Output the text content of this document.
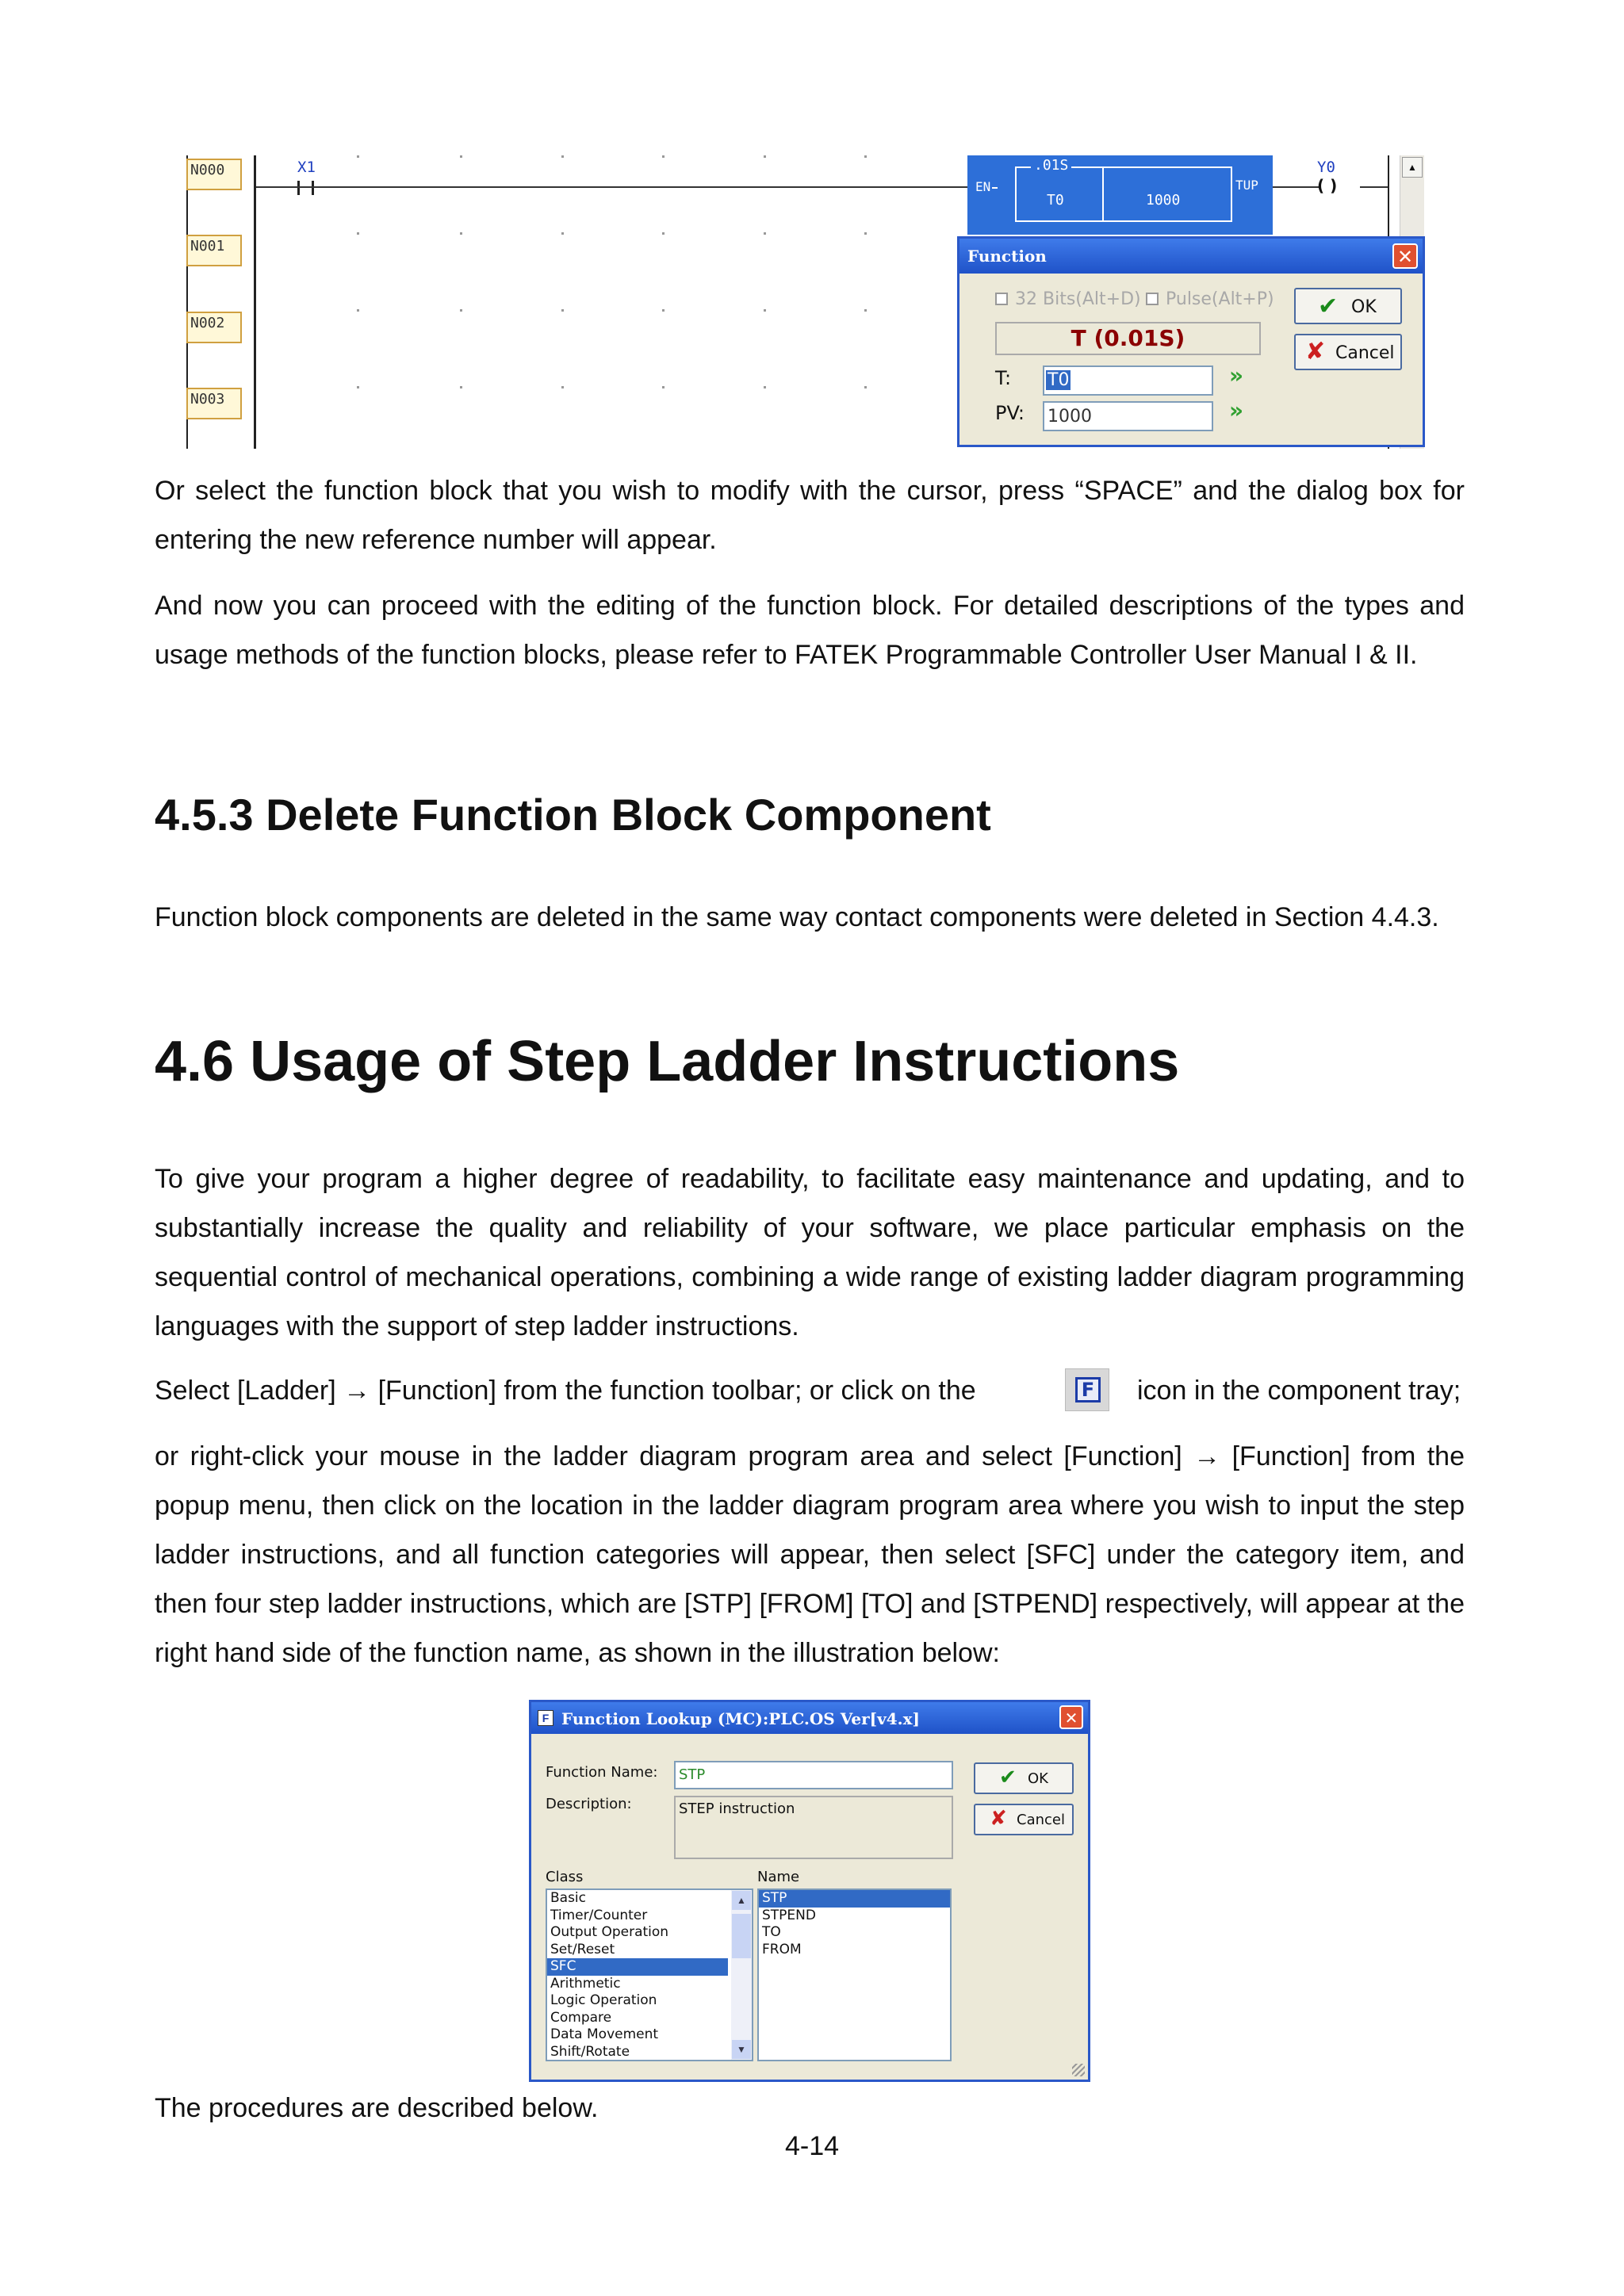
N000
N001
N002
N003
X1
EN
.01S
T0	1000
TUP
Y0
( )
▲
Function	✕
32 Bits(Alt+D) Pulse(Alt+P)
T (0.01S)
T: T0	»
PV: 1000	»
✔ OK
✘ Cancel

Or select the function block that you wish to modify with the cursor, press “SPACE” and the dialog box for entering the new reference number will appear.

And now you can proceed with the editing of the function block. For detailed descriptions of the types and usage methods of the function blocks, please refer to FATEK Programmable Controller User Manual I & II.

4.5.3 Delete Function Block Component

Function block components are deleted in the same way contact components were deleted in Section 4.4.3.

4.6 Usage of Step Ladder Instructions

To give your program a higher degree of readability, to facilitate easy maintenance and updating, and to substantially increase the quality and reliability of your software, we place particular emphasis on the sequential control of mechanical operations, combining a wide range of existing ladder diagram programming languages with the support of step ladder instructions.

Select [Ladder] → [Function] from the function toolbar; or click on the	F icon in the component tray;

or right-click your mouse in the ladder diagram program area and select [Function] → [Function] from the popup menu, then click on the location in the ladder diagram program area where you wish to input the step ladder instructions, and all function categories will appear, then select [SFC] under the category item, and then four step ladder instructions, which are [STP] [FROM] [TO] and [STPEND] respectively, will appear at the right hand side of the function name, as shown in the illustration below:

F Function Lookup (MC):PLC.OS Ver[v4.x]	✕
Function Name: STP
Description:	STEP instruction
✔ OK
✘ Cancel
Class
Basic
Timer/Counter
Output Operation
Set/Reset
SFC
Arithmetic
Logic Operation
Compare
Data Movement
Shift/Rotate
▲
▼
Name
STP
STPEND
TO
FROM
The procedures are described below.
4-14
